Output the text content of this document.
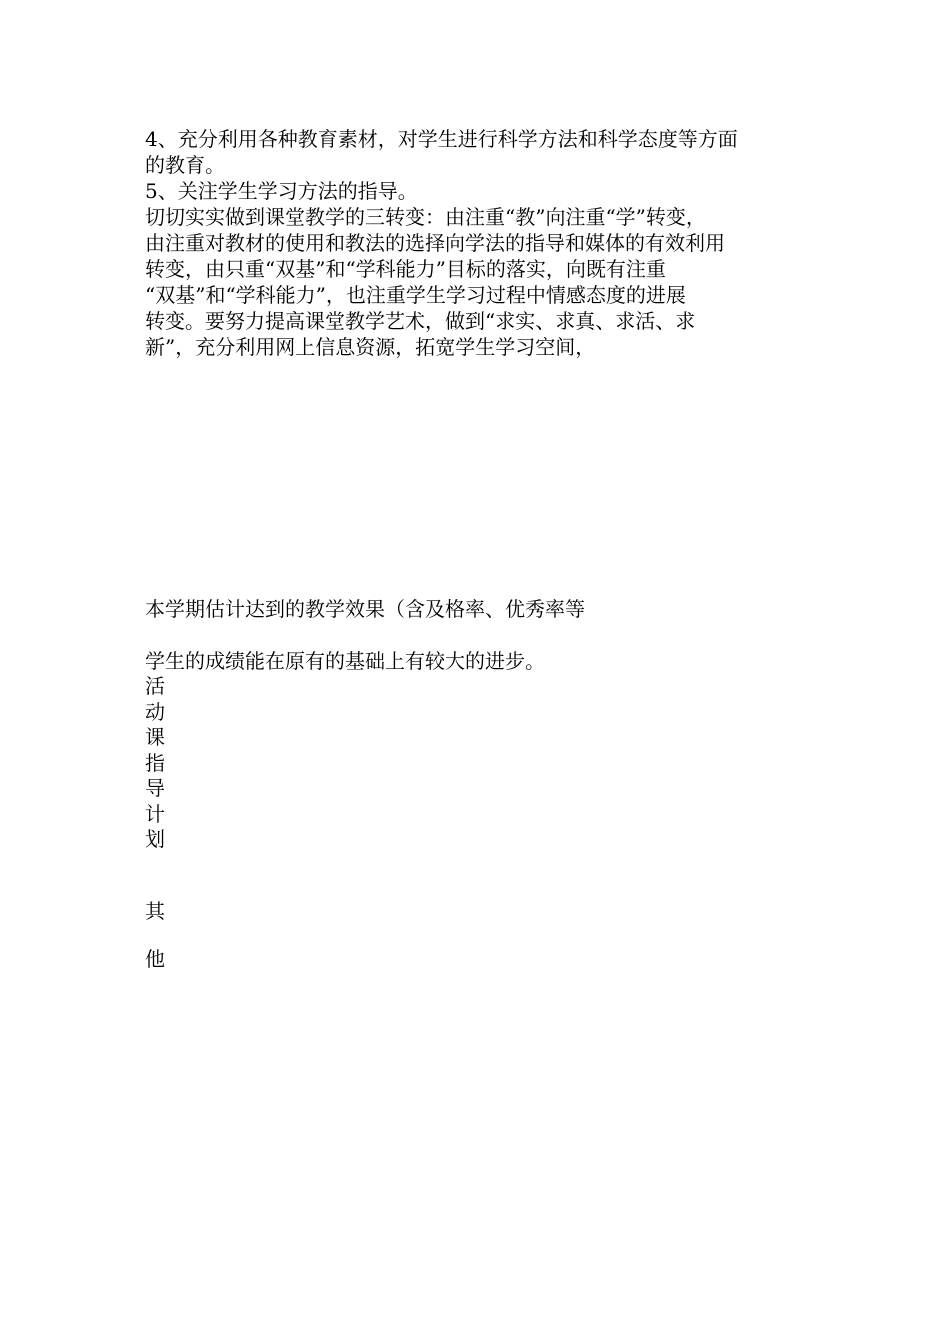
4、充分利用各种教育素材，对学生进行科学方法和科学态度等方面
的教育。
5、关注学生学习方法的指导。
切切实实做到课堂教学的三转变：由注重“教”向注重“学”转变，
由注重对教材的使用和教法的选择向学法的指导和媒体的有效利用
转变，由只重“双基”和“学科能力”目标的落实，向既有注重
“双基”和“学科能力”，也注重学生学习过程中情感态度的进展
转变。要努力提高课堂教学艺术，做到“求实、求真、求活、求
新”，充分利用网上信息资源，拓宽学生学习空间，
本学期估计达到的教学效果（含及格率、优秀率等
学生的成绩能在原有的基础上有较大的进步。
活
动
课
指
导
计
划
其
他
